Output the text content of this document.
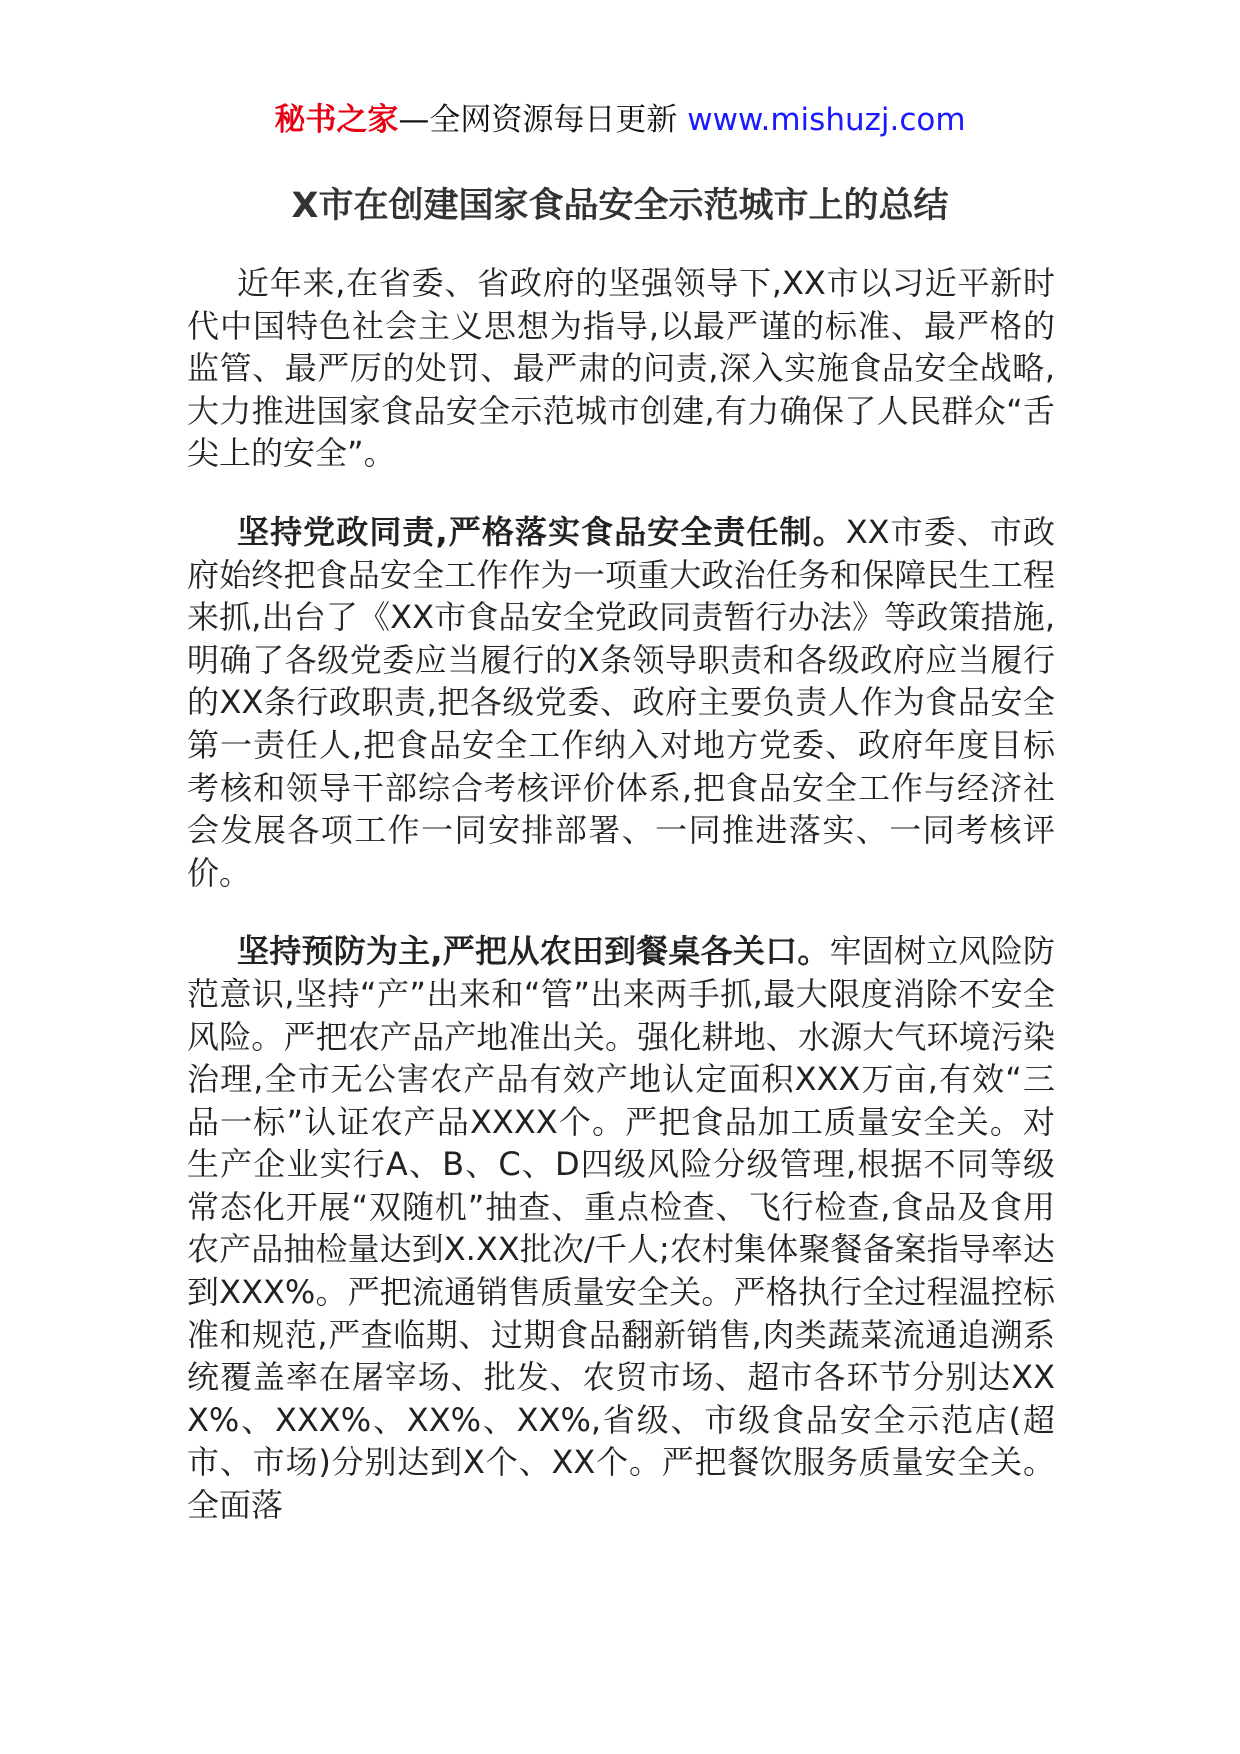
秘书之家—全网资源每日更新 www.mishuzj.com
X市在创建国家食品安全示范城市上的总结

近年来,在省委、省政府的坚强领导下,XX市以习近平新时代中国特色社会主义思想为指导,以最严谨的标准、最严格的监管、最严厉的处罚、最严肃的问责,深入实施食品安全战略,大力推进国家食品安全示范城市创建,有力确保了人民群众“舌尖上的安全”。

坚持党政同责,严格落实食品安全责任制。XX市委、市政府始终把食品安全工作作为一项重大政治任务和保障民生工程来抓,出台了《XX市食品安全党政同责暂行办法》等政策措施,明确了各级党委应当履行的X条领导职责和各级政府应当履行的XX条行政职责,把各级党委、政府主要负责人作为食品安全第一责任人,把食品安全工作纳入对地方党委、政府年度目标考核和领导干部综合考核评价体系,把食品安全工作与经济社会发展各项工作一同安排部署、一同推进落实、一同考核评价。

坚持预防为主,严把从农田到餐桌各关口。牢固树立风险防范意识,坚持“产”出来和“管”出来两手抓,最大限度消除不安全风险。严把农产品产地准出关。强化耕地、水源大气环境污染治理,全市无公害农产品有效产地认定面积XXX万亩,有效“三品一标”认证农产品XXXX个。严把食品加工质量安全关。对生产企业实行A、B、C、D四级风险分级管理,根据不同等级常态化开展“双随机”抽查、重点检查、飞行检查,食品及食用农产品抽检量达到X.XX批次/千人;农村集体聚餐备案指导率达到XXX%。严把流通销售质量安全关。严格执行全过程温控标准和规范,严查临期、过期食品翻新销售,肉类蔬菜流通追溯系统覆盖率在屠宰场、批发、农贸市场、超市各环节分别达XXX%、XXX%、XX%、XX%,省级、市级食品安全示范店(超市、市场)分别达到X个、XX个。严把餐饮服务质量安全关。全面落
